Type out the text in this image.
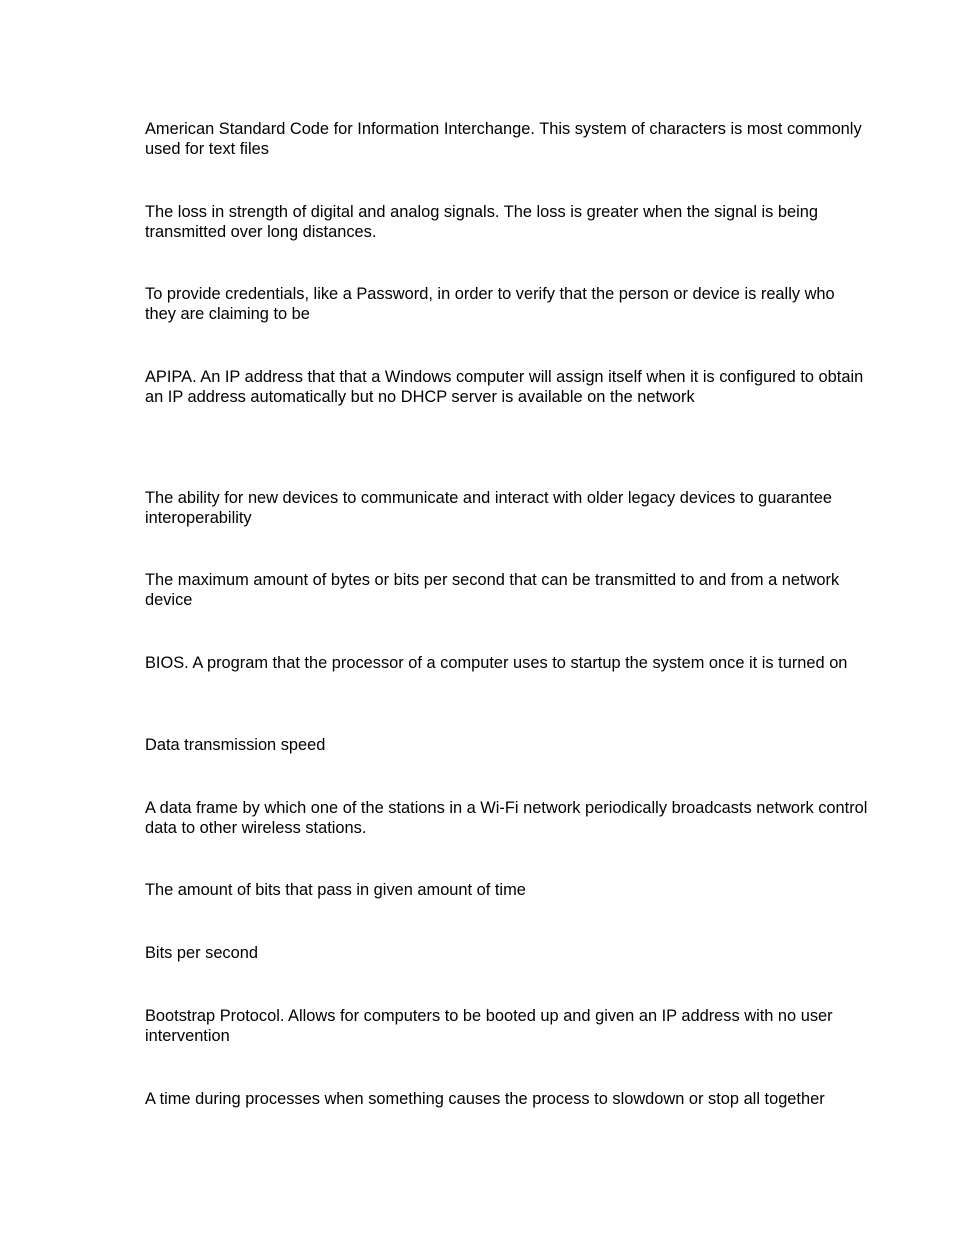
American Standard Code for Information Interchange. This system of characters is most commonly used for text files

The loss in strength of digital and analog signals. The loss is greater when the signal is being transmitted over long distances.

To provide credentials, like a Password, in order to verify that the person or device is really who they are claiming to be

APIPA. An IP address that that a Windows computer will assign itself when it is configured to obtain an IP address automatically but no DHCP server is available on the network

The ability for new devices to communicate and interact with older legacy devices to guarantee interoperability

The maximum amount of bytes or bits per second that can be transmitted to and from a network device

BIOS. A program that the processor of a computer uses to startup the system once it is turned on

Data transmission speed

A data frame by which one of the stations in a Wi-Fi network periodically broadcasts network control data to other wireless stations.

The amount of bits that pass in given amount of time

Bits per second

Bootstrap Protocol. Allows for computers to be booted up and given an IP address with no user intervention

A time during processes when something causes the process to slowdown or stop all together
